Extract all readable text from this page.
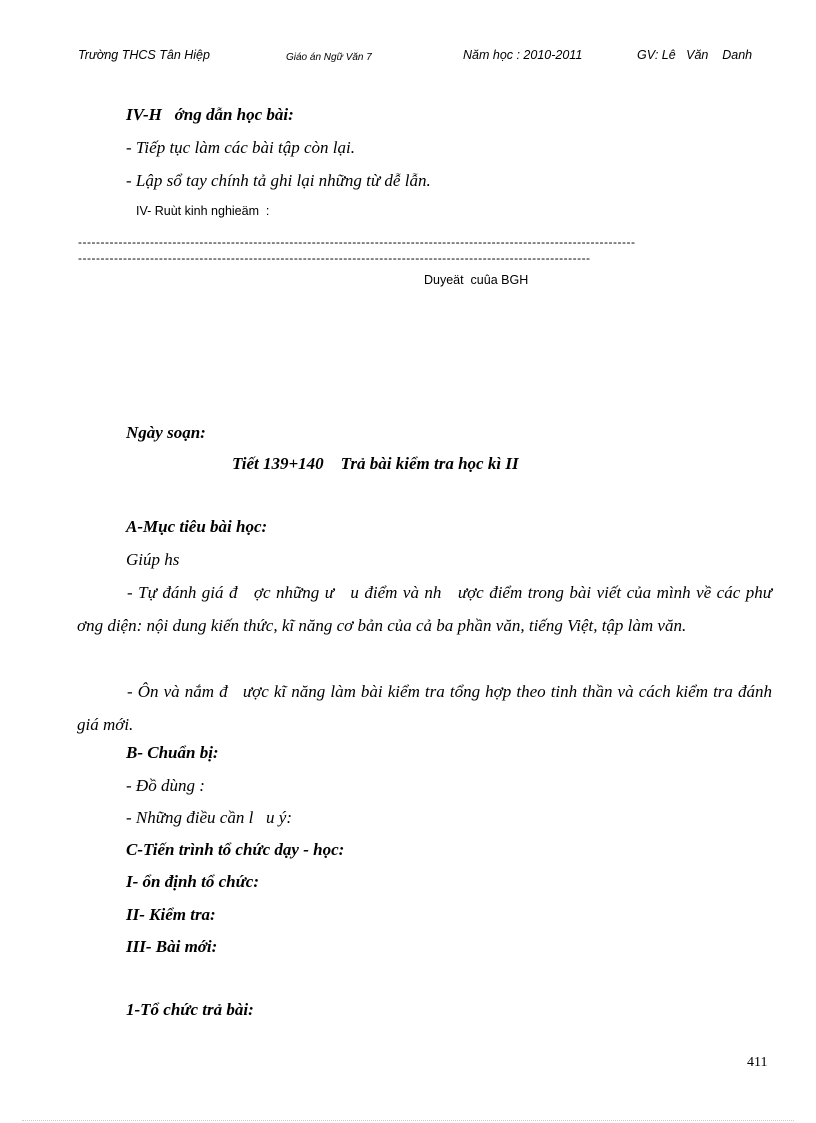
Trường THCS Tân Hiệp	Giáo án Ngữ Văn 7	Năm học : 2010-2011	GV: Lê   Văn    Danh
IV-H   ớng dẫn học bài:
- Tiếp tục làm các bài tập còn lại.
- Lập sổ tay chính tả ghi lại những từ dễ lẫn.
IV- Ruùt kinh nghieäm  :
----------------------------------------------------------------------------------------------------------------------------
------------------------------------------------------------------------------------------------------------------
Duyeät  cuûa BGH
Ngày soạn:
Tiết 139+140    Trả bài kiểm tra học kì II
A-Mục tiêu bài học:
Giúp hs
- Tự đánh giá đ   ợc những ư   u điểm và nh   ược điểm trong bài viết của mình về các phư   ơng diện: nội dung kiến thức, kĩ năng cơ bản của cả ba phần văn, tiếng Việt, tập làm văn.
- Ôn và nắm đ   ược kĩ năng làm bài kiểm tra tổng hợp theo tinh thần và cách kiểm tra đánh giá mới.
B- Chuẩn bị:
- Đồ dùng :
- Những điều cần l   u ý:
C-Tiến trình tổ chức dạy - học:
I- ổn định tổ chức:
II- Kiểm tra:
III- Bài mới:
1-Tổ chức trả bài:
411
